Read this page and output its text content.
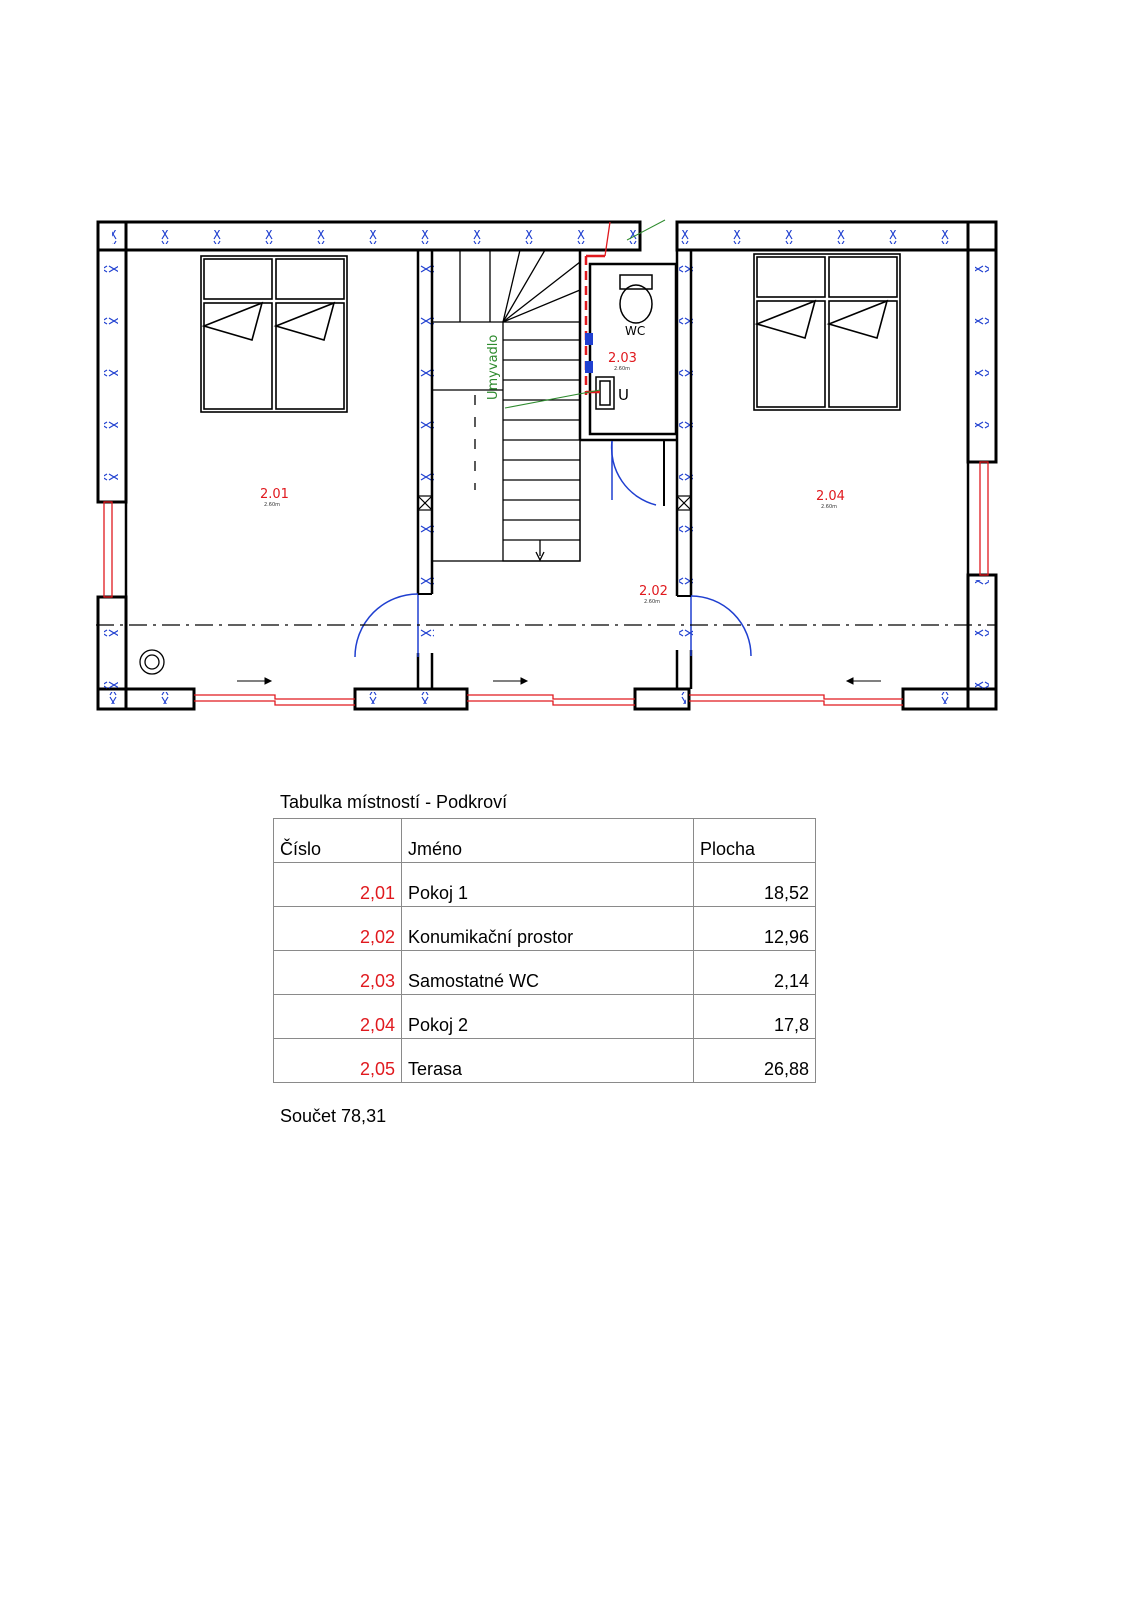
WC
U
Umyvadlo
2.01
2.60m
2.02
2.60m
2.03
2.60m
2.04
2.60m
Tabulka místností - Podkroví
Číslo	Jméno	Plocha
2,01	Pokoj 1	18,52
2,02	Konumikační prostor	12,96
2,03	Samostatné WC	2,14
2,04	Pokoj 2	17,8
2,05	Terasa	26,88
Součet 78,31
